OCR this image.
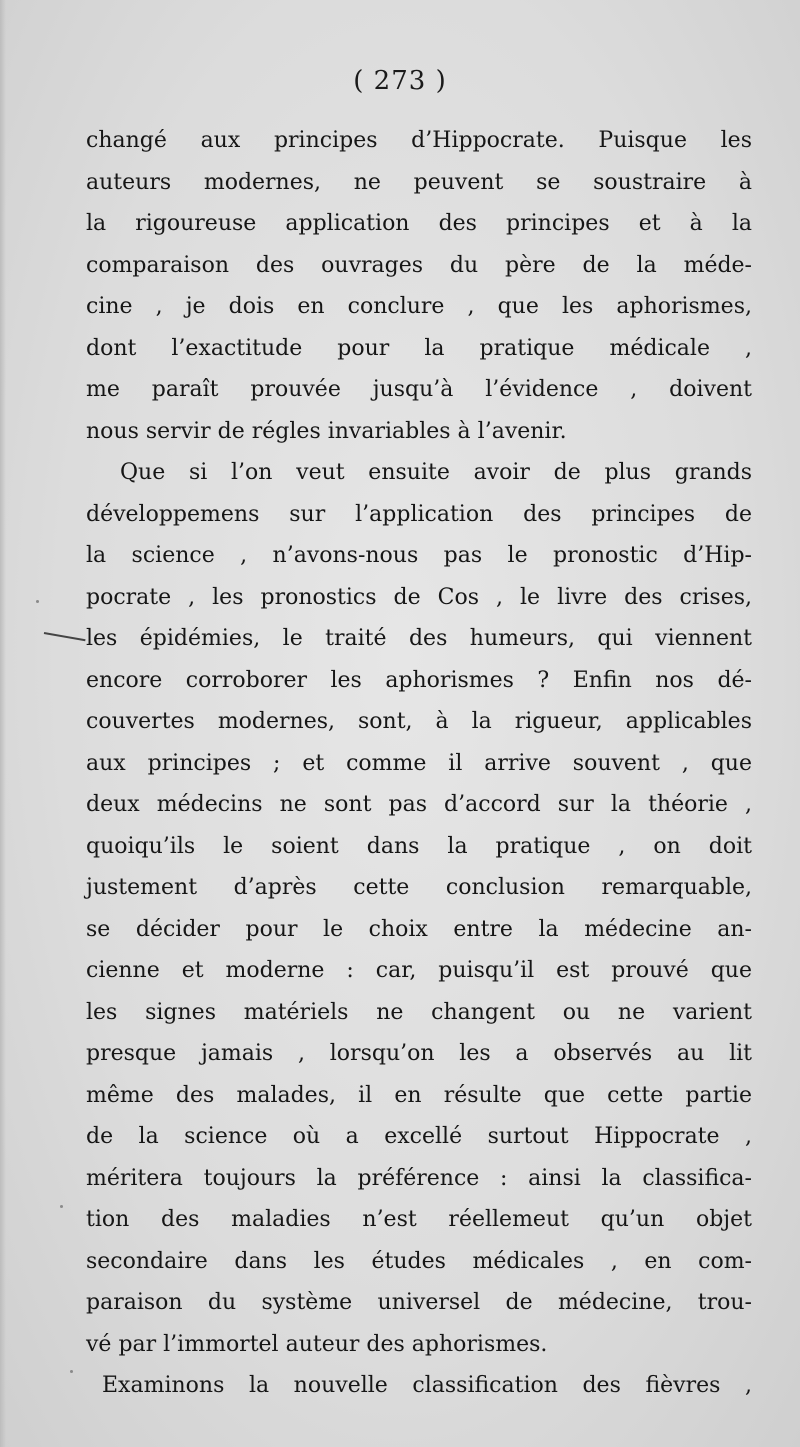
( 273 )
changé aux principes d’Hippocrate. Puisque les
auteurs modernes, ne peuvent se soustraire à
la rigoureuse application des principes et à la
comparaison des ouvrages du père de la méde-
cine , je dois en conclure , que les aphorismes,
dont l’exactitude pour la pratique médicale ,
me paraît prouvée jusqu’à l’évidence , doivent
nous servir de régles invariables à l’avenir.
Que si l’on veut ensuite avoir de plus grands
développemens sur l’application des principes de
la science , n’avons-nous pas le pronostic d’Hip-
pocrate , les pronostics de Cos , le livre des crises,
les épidémies, le traité des humeurs, qui viennent
encore corroborer les aphorismes ? Enfin nos dé-
couvertes modernes, sont, à la rigueur, applicables
aux principes ; et comme il arrive souvent , que
deux médecins ne sont pas d’accord sur la théorie ,
quoiqu’ils le soient dans la pratique , on doit
justement d’après cette conclusion remarquable,
se décider pour le choix entre la médecine an-
cienne et moderne : car, puisqu’il est prouvé que
les signes matériels ne changent ou ne varient
presque jamais , lorsqu’on les a observés au lit
même des malades, il en résulte que cette partie
de la science où a excellé surtout Hippocrate ,
méritera toujours la préférence : ainsi la classifica-
tion des maladies n’est réellemeut qu’un objet
secondaire dans les études médicales , en com-
paraison du système universel de médecine, trou-
vé par l’immortel auteur des aphorismes.
Examinons la nouvelle classification des fièvres ,
